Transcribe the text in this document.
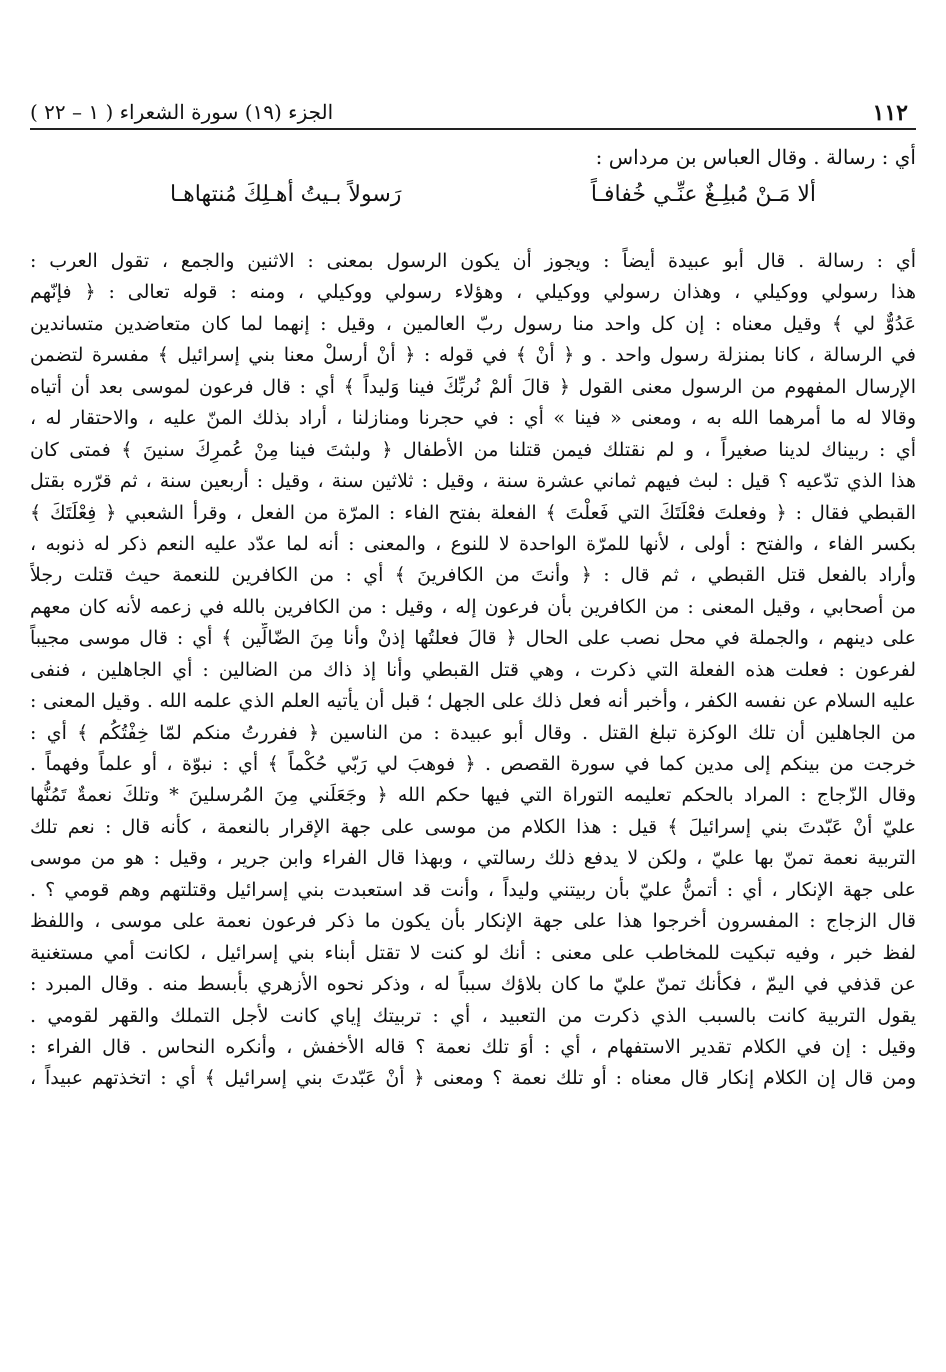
١١٢
الجزء (١٩) سورة الشعراء ( ١ – ٢٢ )
أي : رسالة . وقال العباس بن مرداس :
ألا مَـنْ مُبلِـغٌ عنِّـي خُفافـاً
رَسولاً بـيتُ أهـلِكَ مُنتهاهـا
أي : رسالة . قال أبو عبيدة أيضاً : ويجوز أن يكون الرسول بمعنى : الاثنين والجمع ، تقول العرب :
هذا رسولي ووكيلي ، وهذان رسولي ووكيلي ، وهؤلاء رسولي ووكيلي ، ومنه : قوله تعالى : ﴿ فإنّهم
عَدُوٌّ لي ﴾ وقيل معناه : إن كل واحد منا رسول ربّ العالمين ، وقيل : إنهما لما كان متعاضدين متساندين
في الرسالة ، كانا بمنزلة رسول واحد . و ﴿ أنْ ﴾ في قوله : ﴿ أنْ أرسلْ معنا بني إسرائيل ﴾ مفسرة لتضمن
الإرسال المفهوم من الرسول معنى القول ﴿ قالَ ألمْ نُربِّكَ فينا وَليداً ﴾ أي : قال فرعون لموسى بعد أن أتياه
وقالا له ما أمرهما الله به ، ومعنى « فينا » أي : في حجرنا ومنازلنا ، أراد بذلك المنّ عليه ، والاحتقار له ،
أي : ربيناك لدينا صغيراً ، و لم نقتلك فيمن قتلنا من الأطفال ﴿ ولبثتَ فينا مِنْ عُمرِكَ سنينَ ﴾ فمتى كان
هذا الذي تدّعيه ؟ قيل : لبث فيهم ثماني عشرة سنة ، وقيل : ثلاثين سنة ، وقيل : أربعين سنة ، ثم قرّره بقتل
القبطي فقال : ﴿ وفعلتَ فعْلَتَكَ التي فَعلْتَ ﴾ الفعلة بفتح الفاء : المرّة من الفعل ، وقرأ الشعبي ﴿ فِعْلَتَكَ ﴾
بكسر الفاء ، والفتح : أولى ، لأنها للمرّة الواحدة لا للنوع ، والمعنى : أنه لما عدّد عليه النعم ذكر له ذنوبه ،
وأراد بالفعل قتل القبطي ، ثم قال : ﴿ وأنتَ من الكافرينَ ﴾ أي : من الكافرين للنعمة حيث قتلت رجلاً
من أصحابي ، وقيل المعنى : من الكافرين بأن فرعون إله ، وقيل : من الكافرين بالله في زعمه لأنه كان معهم
على دينهم ، والجملة في محل نصب على الحال ﴿ قالَ فعلتُها إذنْ وأنا مِنَ الضّالِّين ﴾ أي : قال موسى مجيباً
لفرعون : فعلت هذه الفعلة التي ذكرت ، وهي قتل القبطي وأنا إذ ذاك من الضالين : أي الجاهلين ، فنفى
عليه السلام عن نفسه الكفر ، وأخبر أنه فعل ذلك على الجهل ؛ قبل أن يأتيه العلم الذي علمه الله . وقيل المعنى :
من الجاهلين أن تلك الوكزة تبلغ القتل . وقال أبو عبيدة : من الناسين ﴿ ففررتُ منكم لمّا خِفْتُكُم ﴾ أي :
خرجت من بينكم إلى مدين كما في سورة القصص . ﴿ فوهبَ لي رَبّي حُكْماً ﴾ أي : نبوّة ، أو علماً وفهماً .
وقال الزّجاج : المراد بالحكم تعليمه التوراة التي فيها حكم الله ﴿ وجَعَلَني مِنَ المُرسلينَ * وتلكَ نعمةٌ تَمُنُّها
عليّ أنْ عَبّدتَ بني إسرائيلَ ﴾ قيل : هذا الكلام من موسى على جهة الإقرار بالنعمة ، كأنه قال : نعم تلك
التربية نعمة تمنّ بها عليّ ، ولكن لا يدفع ذلك رسالتي ، وبهذا قال الفراء وابن جرير ، وقيل : هو من موسى
على جهة الإنكار ، أي : أتمنُّ عليّ بأن ربيتني وليداً ، وأنت قد استعبدت بني إسرائيل وقتلتهم وهم قومي ؟ .
قال الزجاج : المفسرون أخرجوا هذا على جهة الإنكار بأن يكون ما ذكر فرعون نعمة على موسى ، واللفظ
لفظ خبر ، وفيه تبكيت للمخاطب على معنى : أنك لو كنت لا تقتل أبناء بني إسرائيل ، لكانت أمي مستغنية
عن قذفي في اليمّ ، فكأنك تمنّ عليّ ما كان بلاؤك سبباً له ، وذكر نحوه الأزهري بأبسط منه . وقال المبرد :
يقول التربية كانت بالسبب الذي ذكرت من التعبيد ، أي : تربيتك إياي كانت لأجل التملك والقهر لقومي .
وقيل : إن في الكلام تقدير الاستفهام ، أي : أوَ تلك نعمة ؟ قاله الأخفش ، وأنكره النحاس . قال الفراء :
ومن قال إن الكلام إنكار قال معناه : أو تلك نعمة ؟ ومعنى ﴿ أنْ عَبّدتَ بني إسرائيل ﴾ أي : اتخذتهم عبيداً ،
